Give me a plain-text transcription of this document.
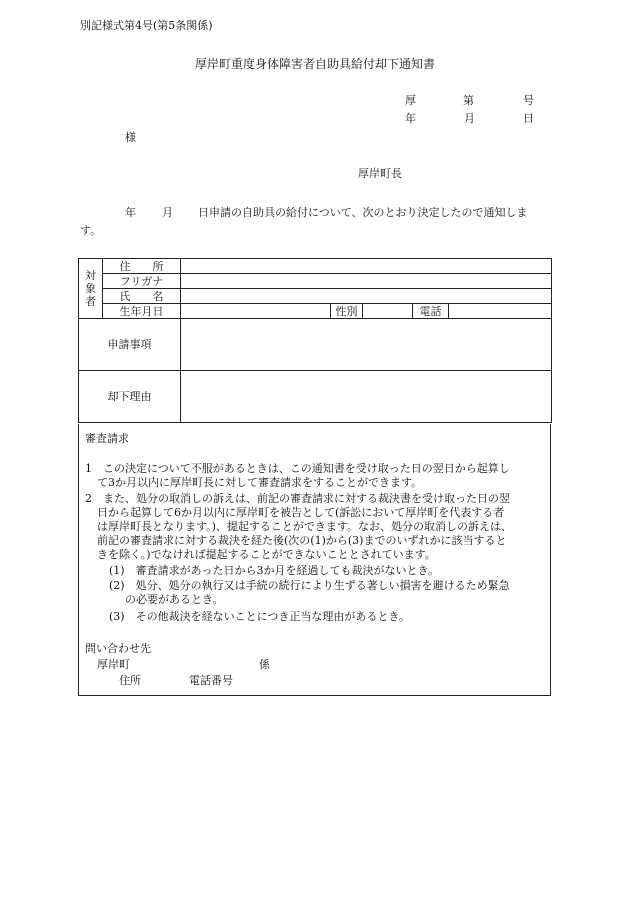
別記様式第4号(第5条関係)
厚岸町重度身体障害者自助具給付却下通知書
厚	第	号
年	月	日
様
厚岸町長
年 月 日申請の自助具の給付について、次のとおり決定したので通知しま
す。
対
象
者	住　　所					
	フリガナ					
	氏　　名					
	生年月日		性別		電話	
申請事項						
却下理由						
審査請求
1　この決定について不服があるときは、この通知書を受け取った日の翌日から起算し
て3か月以内に厚岸町長に対して審査請求をすることができます。
2　また、処分の取消しの訴えは、前記の審査請求に対する裁決書を受け取った日の翌
日から起算して6か月以内に厚岸町を被告として(訴訟において厚岸町を代表する者
は厚岸町長となります。)、提起することができます。なお、処分の取消しの訴えは、
前記の審査請求に対する裁決を経た後(次の(1)から(3)までのいずれかに該当すると
きを除く。)でなければ提起することができないこととされています。
(1)　審査請求があった日から3か月を経過しても裁決がないとき。
(2)　処分、処分の執行又は手続の続行により生ずる著しい損害を避けるため緊急
の必要があるとき。
(3)　その他裁決を経ないことにつき正当な理由があるとき。
問い合わせ先
厚岸町	係
住所	電話番号
